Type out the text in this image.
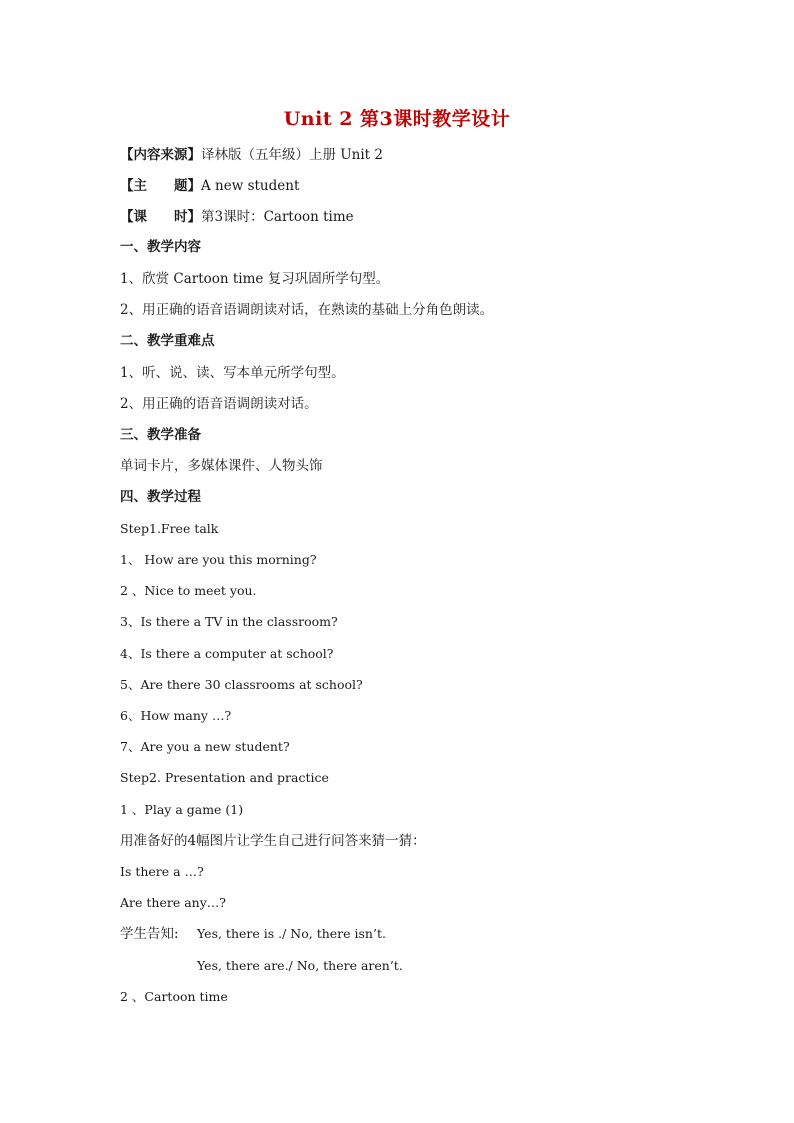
Unit 2 第3课时教学设计
【内容来源】译林版（五年级）上册 Unit 2
【主　　题】A new student
【课　　时】第3课时：Cartoon time
一、教学内容
1、欣赏 Cartoon time 复习巩固所学句型。
2、用正确的语音语调朗读对话，在熟读的基础上分角色朗读。
二、教学重难点
1、听、说、读、写本单元所学句型。
2、用正确的语音语调朗读对话。
三、教学准备
单词卡片，多媒体课件、人物头饰
四、教学过程
Step1.Free talk
1、 How are you this morning?
2 、Nice to meet you.
3、Is there a TV in the classroom?
4、Is there a computer at school?
5、Are there 30 classrooms at school?
6、How many …?
7、Are you a new student?
Step2. Presentation and practice
1 、Play a game (1)
用准备好的4幅图片让学生自己进行问答来猜一猜：
Is there a …?
Are there any…?
学生告知: Yes, there is ./ No, there isn’t.
Yes, there are./ No, there aren’t.
2 、Cartoon time
